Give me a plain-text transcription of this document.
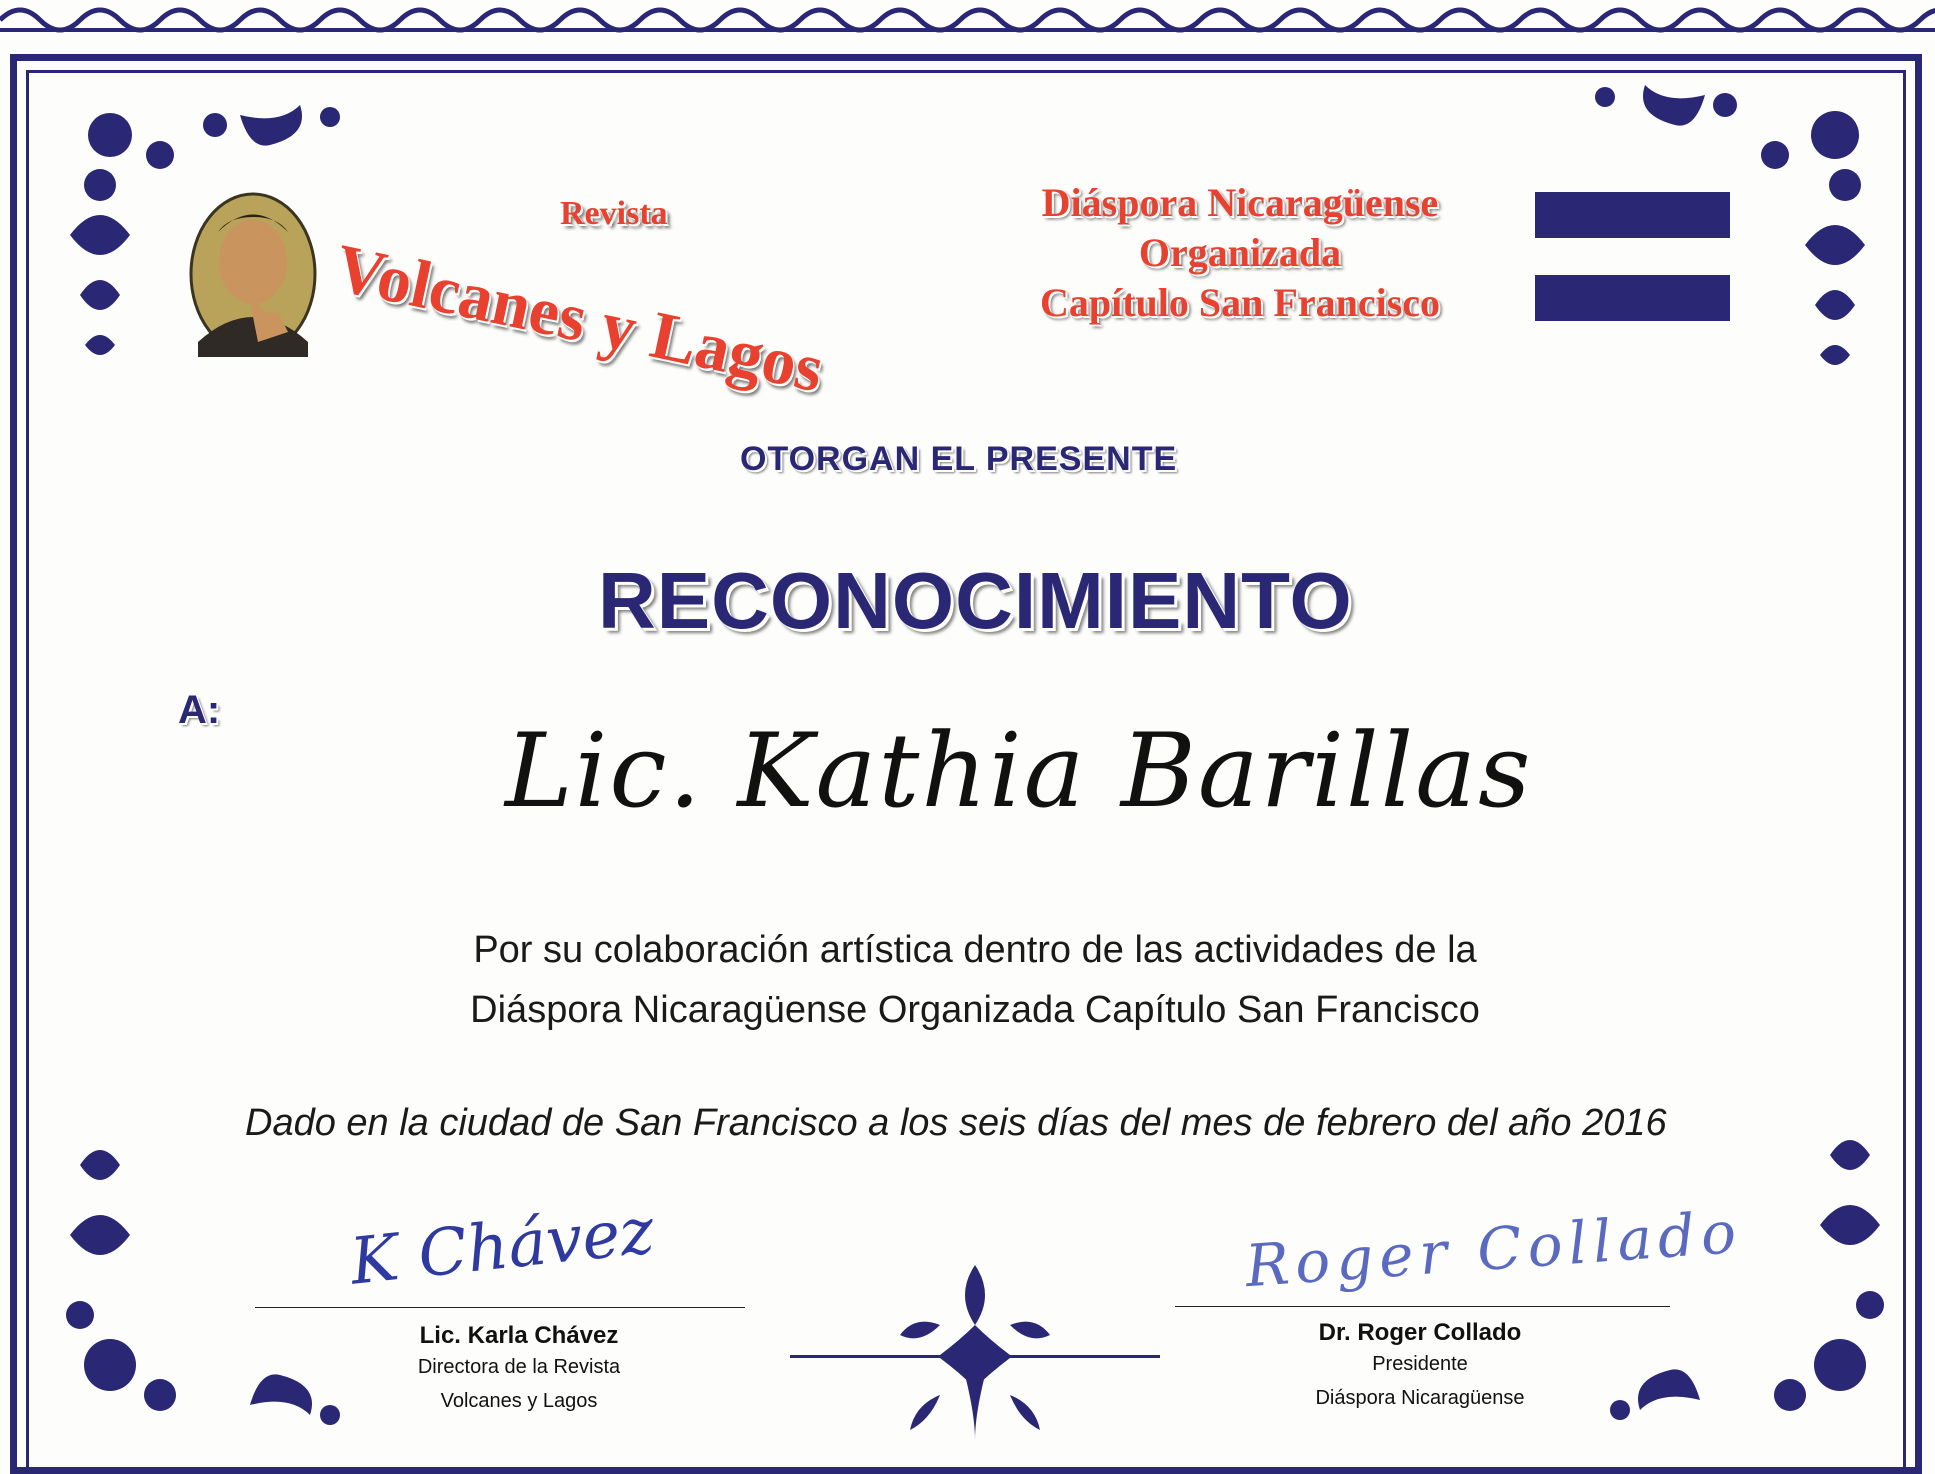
Revista
Volcanes y Lagos
Diáspora Nicaragüense
Organizada
Capítulo San Francisco
OTORGAN EL PRESENTE
RECONOCIMIENTO
A:
Lic. Kathia Barillas
Por su colaboración artística dentro de las actividades de la
Diáspora Nicaragüense Organizada Capítulo San Francisco
Dado en la ciudad de San Francisco a los seis días del mes de febrero del año 2016
K Chávez
Lic. Karla Chávez
Directora de la Revista
Volcanes y Lagos
Roger Collado
Dr. Roger Collado
Presidente
Diáspora Nicaragüense
